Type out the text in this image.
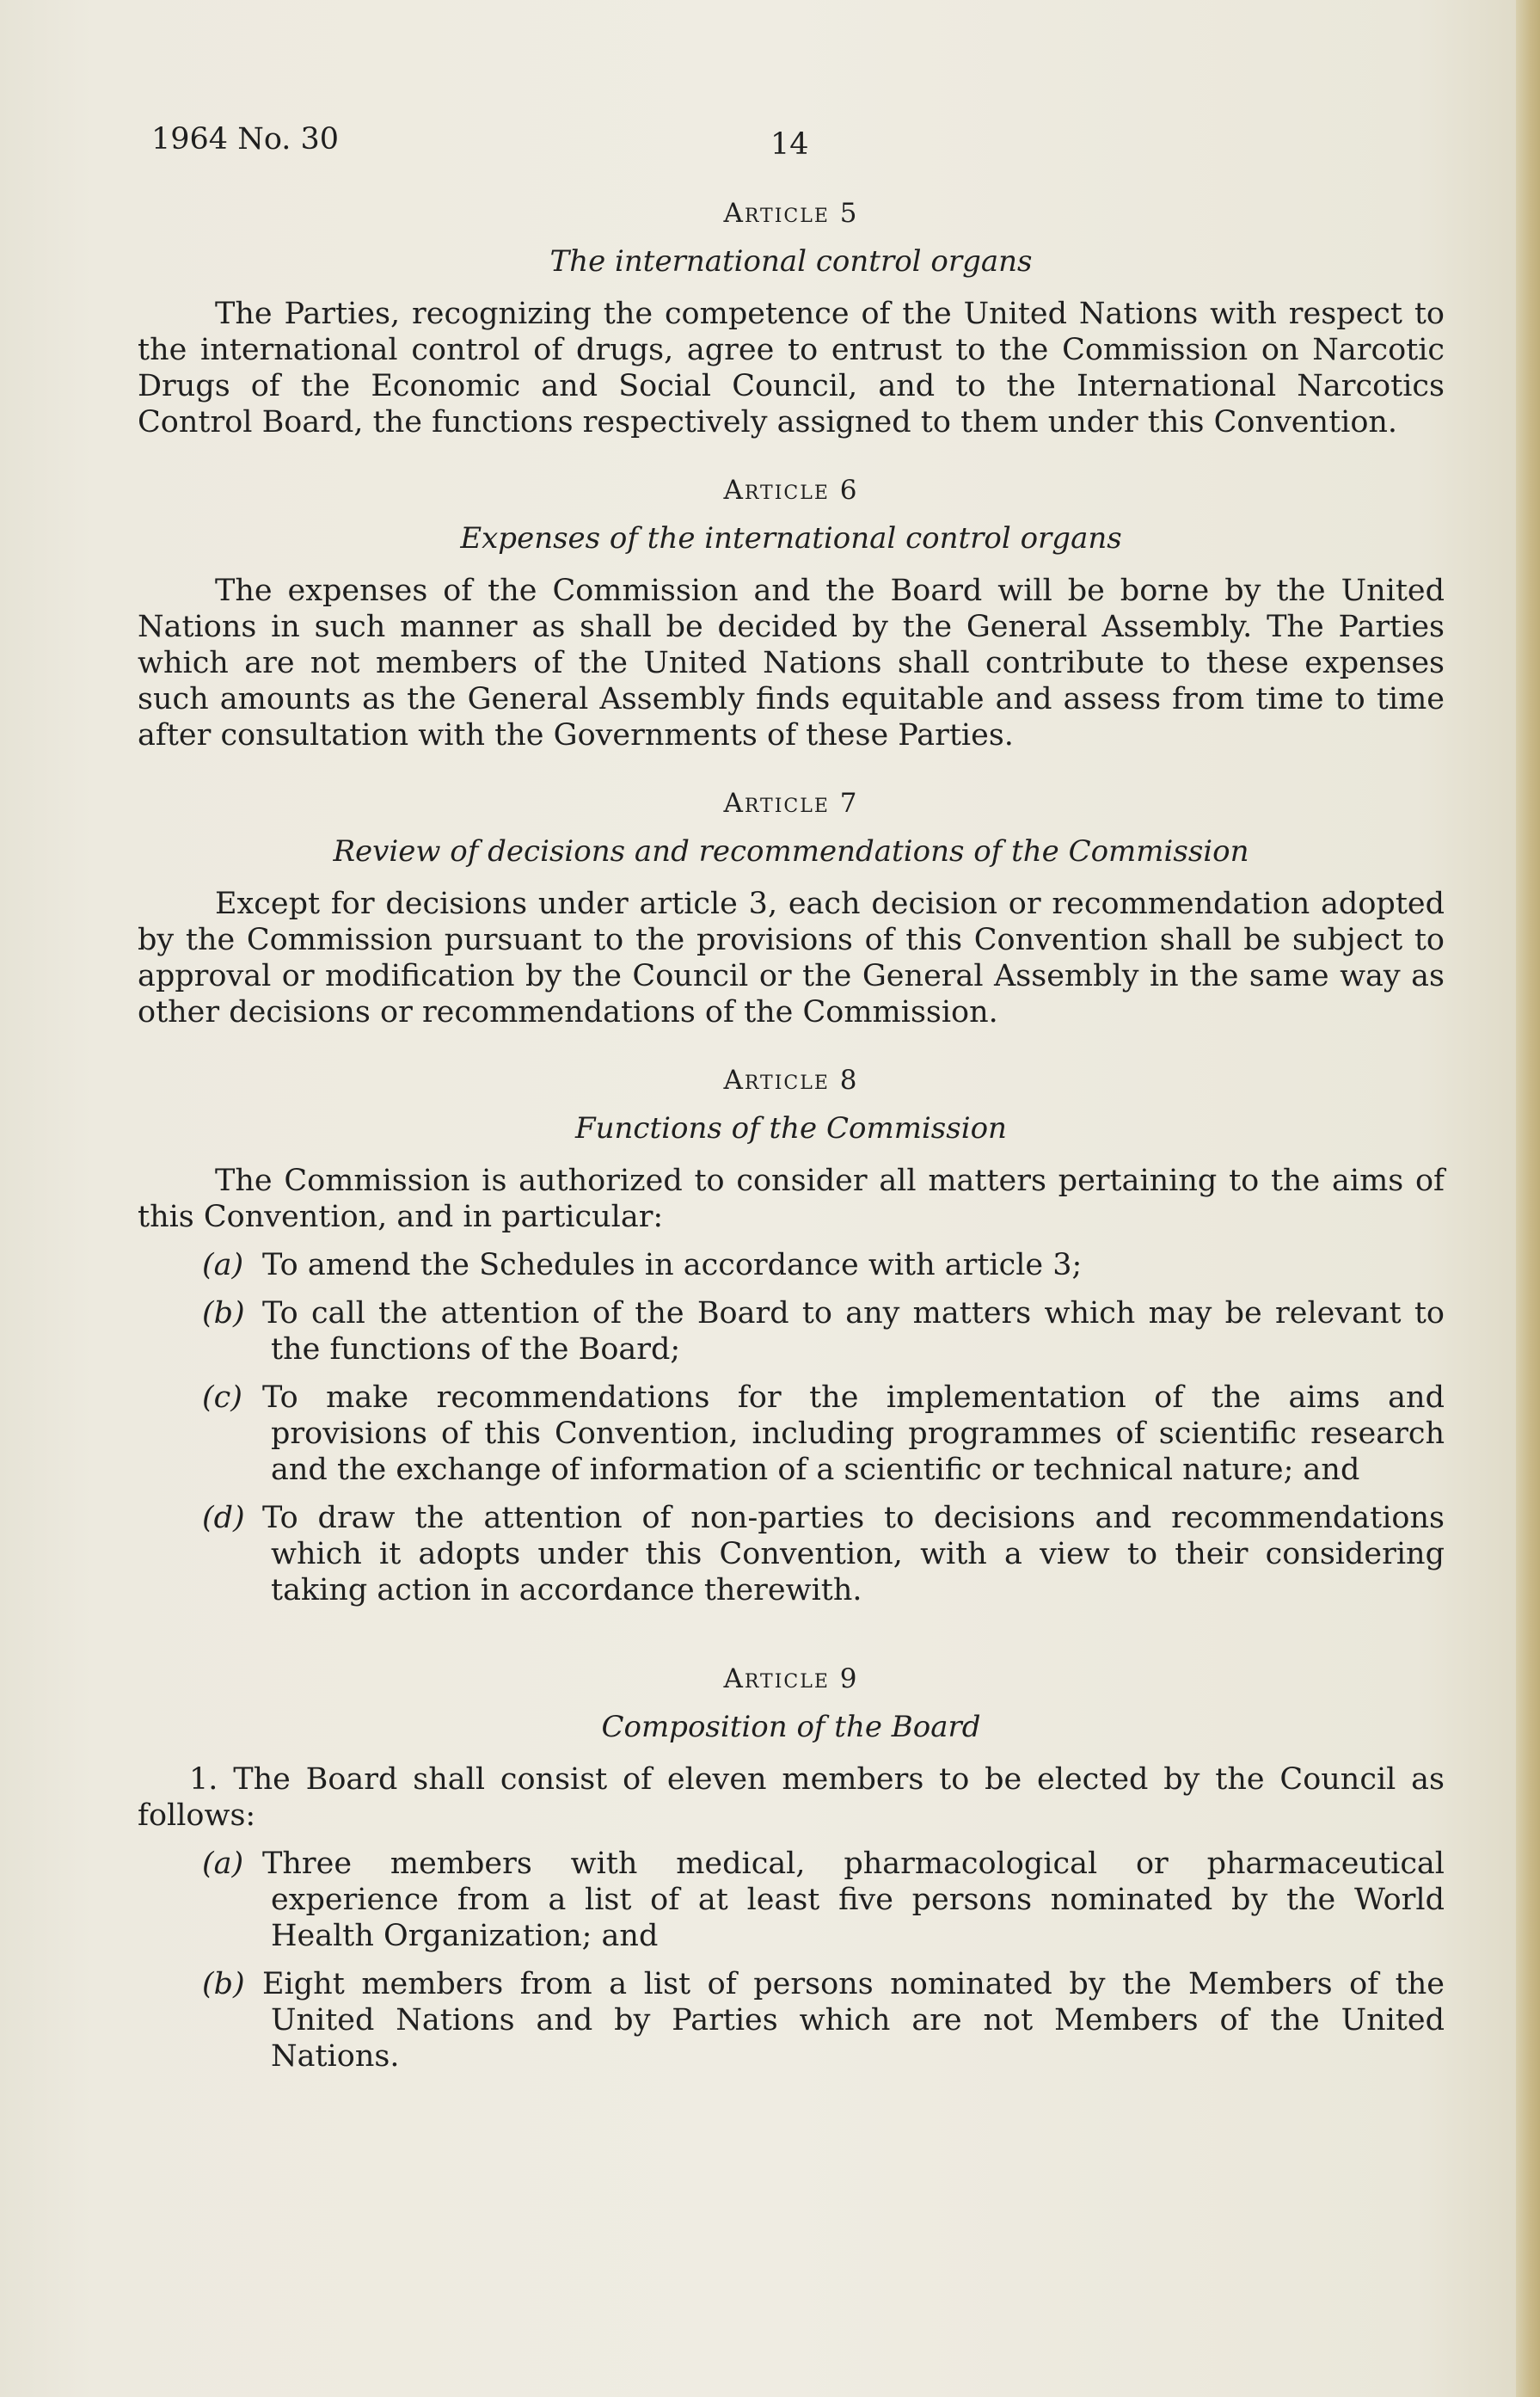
1964 No. 30	14
Article 5
The international control organs

The Parties, recognizing the competence of the United Nations with respect to the international control of drugs, agree to entrust to the Commission on Narcotic Drugs of the Economic and Social Council, and to the International Narcotics Control Board, the functions respectively assigned to them under this Convention.

Article 6
Expenses of the international control organs

The expenses of the Commission and the Board will be borne by the United Nations in such manner as shall be decided by the General Assembly. The Parties which are not members of the United Nations shall contribute to these expenses such amounts as the General Assembly finds equitable and assess from time to time after consultation with the Governments of these Parties.

Article 7
Review of decisions and recommendations of the Commission

Except for decisions under article 3, each decision or recommendation adopted by the Commission pursuant to the provisions of this Convention shall be subject to approval or modification by the Council or the General Assembly in the same way as other decisions or recommendations of the Commission.

Article 8
Functions of the Commission

The Commission is authorized to consider all matters pertaining to the aims of this Convention, and in particular:

(a) To amend the Schedules in accordance with article 3;
(b) To call the attention of the Board to any matters which may be relevant to the functions of the Board;
(c) To make recommendations for the implementation of the aims and provisions of this Convention, including programmes of scientific research and the exchange of information of a scientific or technical nature; and
(d) To draw the attention of non-parties to decisions and recommendations which it adopts under this Convention, with a view to their considering taking action in accordance therewith.
Article 9
Composition of the Board

1. The Board shall consist of eleven members to be elected by the Council as follows:

(a) Three members with medical, pharmacological or pharmaceutical experience from a list of at least five persons nominated by the World Health Organization; and
(b) Eight members from a list of persons nominated by the Members of the United Nations and by Parties which are not Members of the United Nations.
